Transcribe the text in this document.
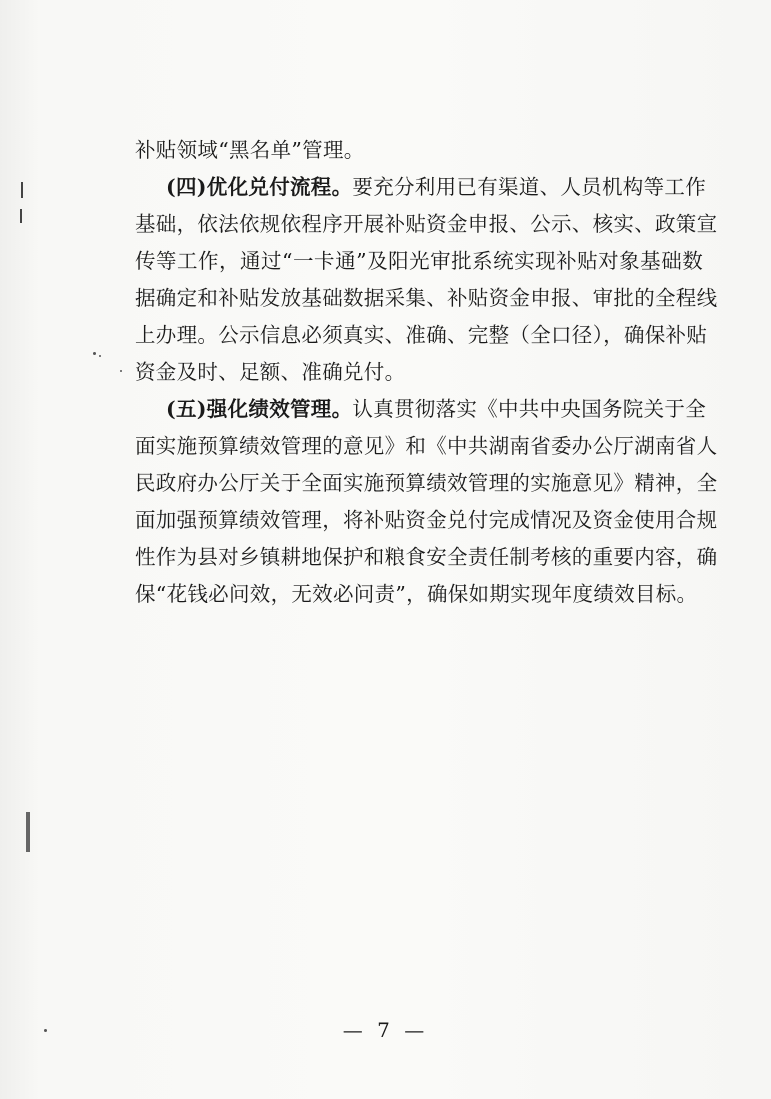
补贴领域“黑名单”管理。
(四)优化兑付流程。要充分利用已有渠道、人员机构等工作
基础，依法依规依程序开展补贴资金申报、公示、核实、政策宣
传等工作，通过“一卡通”及阳光审批系统实现补贴对象基础数
据确定和补贴发放基础数据采集、补贴资金申报、审批的全程线
上办理。公示信息必须真实、准确、完整（全口径），确保补贴
资金及时、足额、准确兑付。
(五)强化绩效管理。认真贯彻落实《中共中央国务院关于全
面实施预算绩效管理的意见》和《中共湖南省委办公厅湖南省人
民政府办公厅关于全面实施预算绩效管理的实施意见》精神，全
面加强预算绩效管理，将补贴资金兑付完成情况及资金使用合规
性作为县对乡镇耕地保护和粮食安全责任制考核的重要内容，确
保“花钱必问效，无效必问责”，确保如期实现年度绩效目标。
— 7 —
